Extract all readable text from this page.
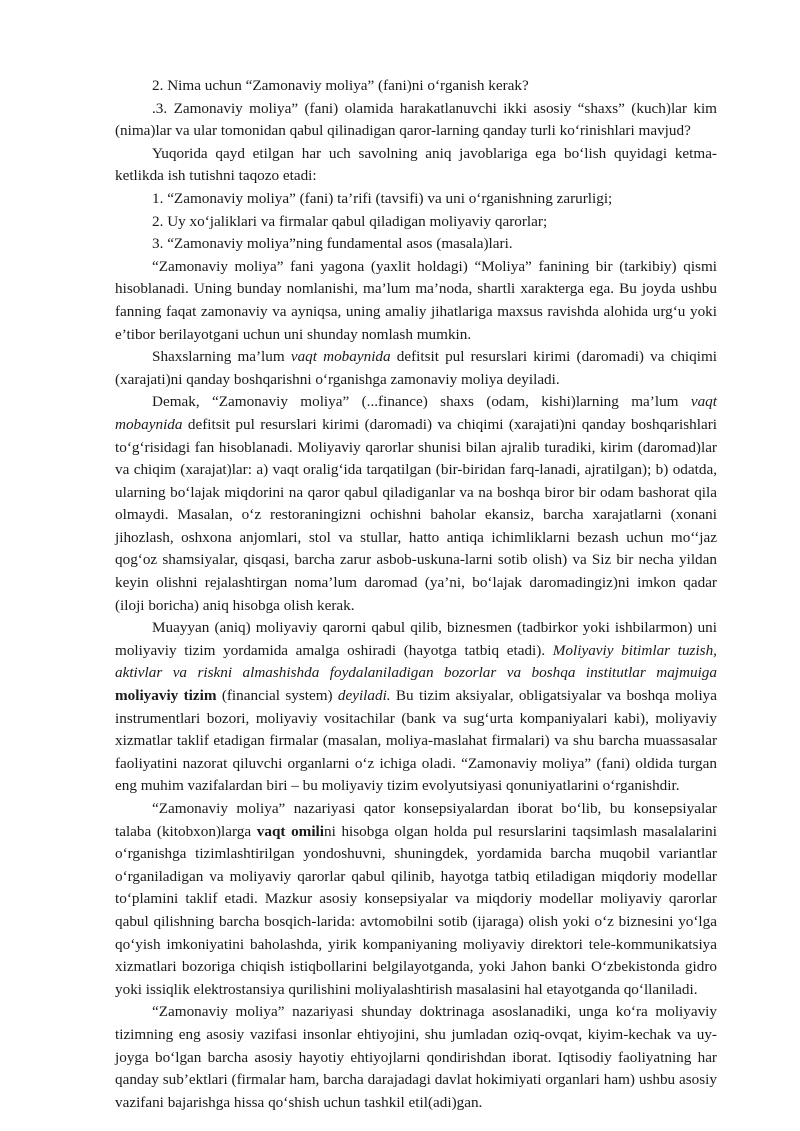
2. Nima uchun “Zamonaviy moliya” (fani)ni o‘rganish kerak?

.3. Zamonaviy moliya” (fani) olamida harakatlanuvchi ikki asosiy “shaxs” (kuch)lar kim (nima)lar va ular tomonidan qabul qilinadigan qaror-larning qanday turli ko‘rinishlari mavjud?

Yuqorida qayd etilgan har uch savolning aniq javoblariga ega bo‘lish quyidagi ketma-ketlikda ish tutishni taqozo etadi:

1. “Zamonaviy moliya” (fani) ta’rifi (tavsifi) va uni o‘rganishning zarurligi;

2. Uy xo‘jaliklari va firmalar qabul qiladigan moliyaviy qarorlar;

3. “Zamonaviy moliya”ning fundamental asos (masala)lari.

“Zamonaviy moliya” fani yagona (yaxlit holdagi) “Moliya” fanining bir (tarkibiy) qismi hisoblanadi. Uning bunday nomlanishi, ma’lum ma’noda, shartli xarakterga ega. Bu joyda ushbu fanning faqat zamonaviy va ayniqsa, uning amaliy jihatlariga maxsus ravishda alohida urg‘u yoki e’tibor berilayotgani uchun uni shunday nomlash mumkin.

Shaxslarning ma’lum vaqt mobaynida defitsit pul resurslari kirimi (daromadi) va chiqimi (xarajati)ni qanday boshqarishni o‘rganishga zamonaviy moliya deyiladi.

Demak, “Zamonaviy moliya” (...finance) shaxs (odam, kishi)larning ma’lum vaqt mobaynida defitsit pul resurslari kirimi (daromadi) va chiqimi (xarajati)ni qanday boshqarishlari to‘g‘risidagi fan hisoblanadi. Moliyaviy qarorlar shunisi bilan ajralib turadiki, kirim (daromad)lar va chiqim (xarajat)lar: a) vaqt oralig‘ida tarqatilgan (bir-biridan farq-lanadi, ajratilgan); b) odatda, ularning bo‘lajak miqdorini na qaror qabul qiladiganlar va na boshqa biror bir odam bashorat qila olmaydi. Masalan, o‘z restoraningizni ochishni baholar ekansiz, barcha xarajatlarni (xonani jihozlash, oshxona anjomlari, stol va stullar, hatto antiqa ichimliklarni bezash uchun mo‘‘jaz qog‘oz shamsiyalar, qisqasi, barcha zarur asbob-uskuna-larni sotib olish) va Siz bir necha yildan keyin olishni rejalashtirgan noma’lum daromad (ya’ni, bo‘lajak daromadingiz)ni imkon qadar (iloji boricha) aniq hisobga olish kerak.

Muayyan (aniq) moliyaviy qarorni qabul qilib, biznesmen (tadbirkor yoki ishbilarmon) uni moliyaviy tizim yordamida amalga oshiradi (hayotga tatbiq etadi). Moliyaviy bitimlar tuzish, aktivlar va riskni almashishda foydalaniladigan bozorlar va boshqa institutlar majmuiga moliyaviy tizim (financial system) deyiladi. Bu tizim aksiyalar, obligatsiyalar va boshqa moliya instrumentlari bozori, moliyaviy vositachilar (bank va sug‘urta kompaniyalari kabi), moliyaviy xizmatlar taklif etadigan firmalar (masalan, moliya-maslahat firmalari) va shu barcha muassasalar faoliyatini nazorat qiluvchi organlarni o‘z ichiga oladi. “Zamonaviy moliya” (fani) oldida turgan eng muhim vazifalardan biri – bu moliyaviy tizim evolyutsiyasi qonuniyatlarini o‘rganishdir.

“Zamonaviy moliya” nazariyasi qator konsepsiyalardan iborat bo‘lib, bu konsepsiyalar talaba (kitobxon)larga vaqt omilini hisobga olgan holda pul resurslarini taqsimlash masalalarini o‘rganishga tizimlashtirilgan yondoshuvni, shuningdek, yordamida barcha muqobil variantlar o‘rganiladigan va moliyaviy qarorlar qabul qilinib, hayotga tatbiq etiladigan miqdoriy modellar to‘plamini taklif etadi. Mazkur asosiy konsepsiyalar va miqdoriy modellar moliyaviy qarorlar qabul qilishning barcha bosqich-larida: avtomobilni sotib (ijaraga) olish yoki o‘z biznesini yo‘lga qo‘yish imkoniyatini baholashda, yirik kompaniyaning moliyaviy direktori tele-kommunikatsiya xizmatlari bozoriga chiqish istiqbollarini belgilayotganda, yoki Jahon banki O‘zbekistonda gidro yoki issiqlik elektrostansiya qurilishini moliyalashtirish masalasini hal etayotganda qo‘llaniladi.

“Zamonaviy moliya” nazariyasi shunday doktrinaga asoslanadiki, unga ko‘ra moliyaviy tizimning eng asosiy vazifasi insonlar ehtiyojini, shu jumladan oziq-ovqat, kiyim-kechak va uy-joyga bo‘lgan barcha asosiy hayotiy ehtiyojlarni qondirishdan iborat. Iqtisodiy faoliyatning har qanday sub’ektlari (firmalar ham, barcha darajadagi davlat hokimiyati organlari ham) ushbu asosiy vazifani bajarishga hissa qo‘shish uchun tashkil etil(adi)gan.
